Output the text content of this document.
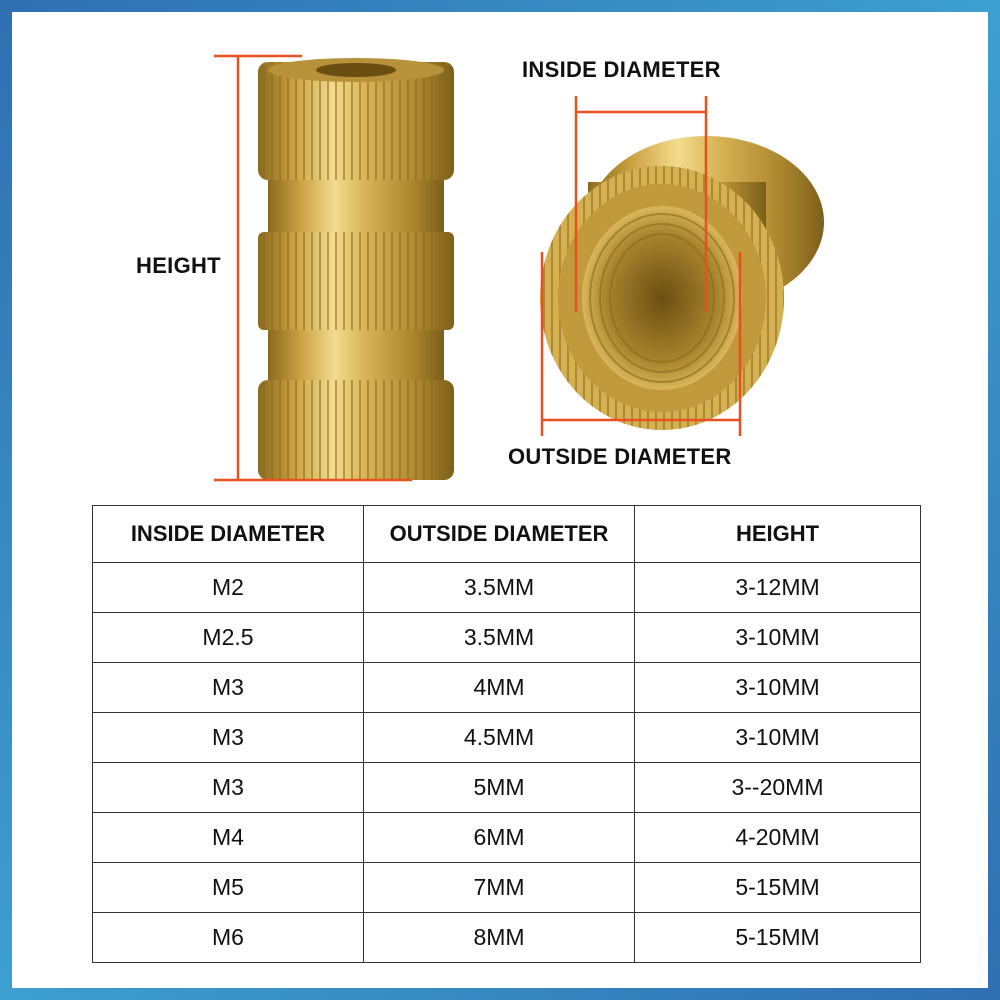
HEIGHT
INSIDE DIAMETER
OUTSIDE DIAMETER
INSIDE DIAMETER	OUTSIDE DIAMETER	HEIGHT
M2	3.5MM	3-12MM
M2.5	3.5MM	3-10MM
M3	4MM	3-10MM
M3	4.5MM	3-10MM
M3	5MM	3--20MM
M4	6MM	4-20MM
M5	7MM	5-15MM
M6	8MM	5-15MM
